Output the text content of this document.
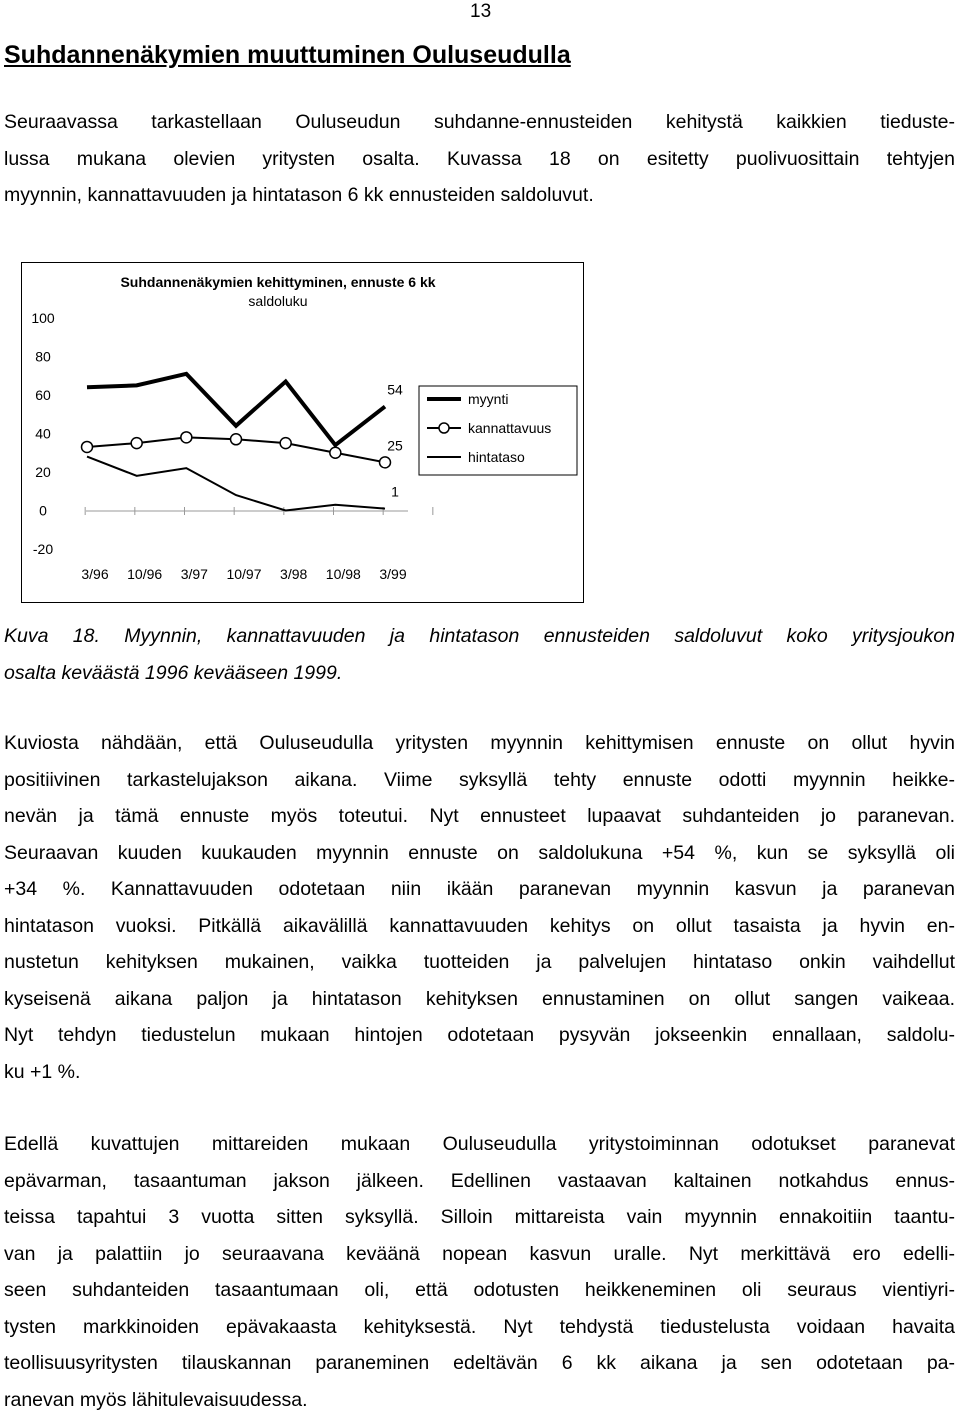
13
Suhdannenäkymien muuttuminen Ouluseudulla

Seuraavassa tarkastellaan Ouluseudun suhdanne-ennusteiden kehitystä kaikkien tieduste-
lussa mukana olevien yritysten osalta. Kuvassa 18 on esitetty puolivuosittain tehtyjen
myynnin, kannattavuuden ja hintatason 6 kk ennusteiden saldoluvut.

Suhdannenäkymien kehittyminen, ennuste 6 kk
saldoluku
100
80
60
40
20
0
-20
3/96 10/96 3/97 10/97 3/98 10/98 3/99
54
25
1
myynti
kannattavuus
hintataso

Kuva 18. Myynnin, kannattavuuden ja hintatason ennusteiden saldoluvut koko yritysjoukon
osalta keväästä 1996 kevääseen 1999.

Kuviosta nähdään, että Ouluseudulla yritysten myynnin kehittymisen ennuste on ollut hyvin
positiivinen tarkastelujakson aikana. Viime syksyllä tehty ennuste odotti myynnin heikke-
nevän ja tämä ennuste myös toteutui. Nyt ennusteet lupaavat suhdanteiden jo paranevan.
Seuraavan kuuden kuukauden myynnin ennuste on saldolukuna +54 %, kun se syksyllä oli
+34 %. Kannattavuuden odotetaan niin ikään paranevan myynnin kasvun ja paranevan
hintatason vuoksi. Pitkällä aikavälillä kannattavuuden kehitys on ollut tasaista ja hyvin en-
nustetun kehityksen mukainen, vaikka tuotteiden ja palvelujen hintataso onkin vaihdellut
kyseisenä aikana paljon ja hintatason kehityksen ennustaminen on ollut sangen vaikeaa.
Nyt tehdyn tiedustelun mukaan hintojen odotetaan pysyvän jokseenkin ennallaan, saldolu-
ku +1 %.

Edellä kuvattujen mittareiden mukaan Ouluseudulla yritystoiminnan odotukset paranevat
epävarman, tasaantuman jakson jälkeen. Edellinen vastaavan kaltainen notkahdus ennus-
teissa tapahtui 3 vuotta sitten syksyllä. Silloin mittareista vain myynnin ennakoitiin taantu-
van ja palattiin jo seuraavana keväänä nopean kasvun uralle. Nyt merkittävä ero edelli-
seen suhdanteiden tasaantumaan oli, että odotusten heikkeneminen oli seuraus vientiyri-
tysten markkinoiden epävakaasta kehityksestä. Nyt tehdystä tiedustelusta voidaan havaita
teollisuusyritysten tilauskannan paraneminen edeltävän 6 kk aikana ja sen odotetaan pa-
ranevan myös lähitulevaisuudessa.
